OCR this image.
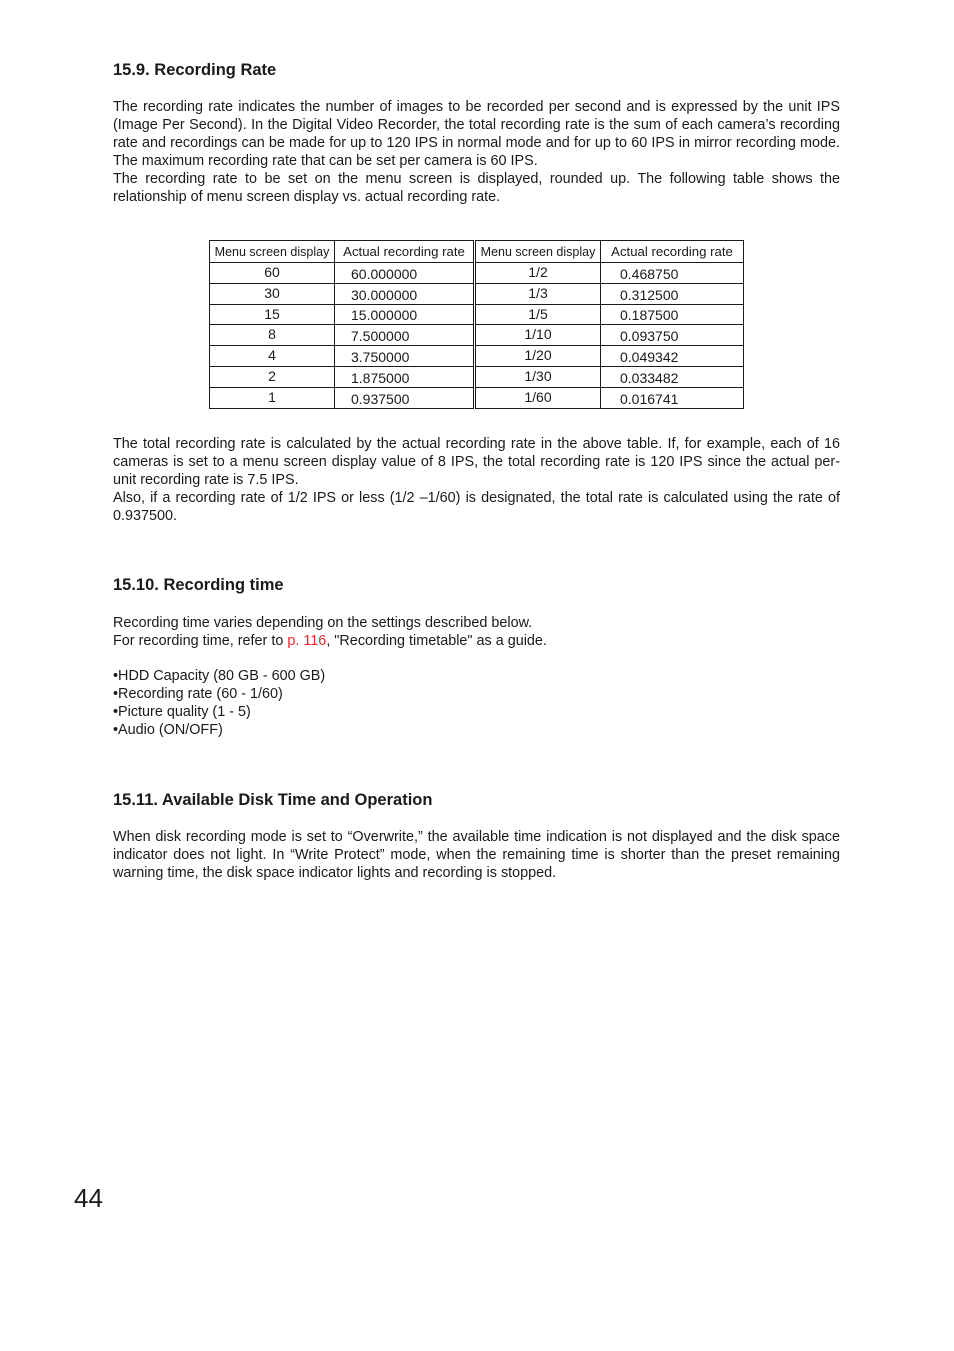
15.9. Recording Rate

The recording rate indicates the number of images to be recorded per second and is expressed by the unit IPS (Image Per Second). In the Digital Video Recorder, the total recording rate is the sum of each camera’s recording rate and recordings can be made for up to 120 IPS in normal mode and for up to 60 IPS in mirror recording mode. The maximum recording rate that can be set per camera is 60 IPS.

The recording rate to be set on the menu screen is displayed, rounded up. The following table shows the relationship of menu screen display vs. actual recording rate.

Menu screen display	Actual recording rate	Menu screen display	Actual recording rate
60	60.000000	1/2	0.468750
30	30.000000	1/3	0.312500
15	15.000000	1/5	0.187500
8	7.500000	1/10	0.093750
4	3.750000	1/20	0.049342
2	1.875000	1/30	0.033482
1	0.937500	1/60	0.016741

The total recording rate is calculated by the actual recording rate in the above table. If, for example, each of 16 cameras is set to a menu screen display value of 8 IPS, the total recording rate is 120 IPS since the actual per-unit recording rate is 7.5 IPS.

Also, if a recording rate of 1/2 IPS or less (1/2 –1/60) is designated, the total rate is calculated using the rate of 0.937500.

15.10. Recording time

Recording time varies depending on the settings described below.

For recording time, refer to p. 116, "Recording timetable" as a guide.

• HDD Capacity (80 GB - 600 GB)
• Recording rate (60 - 1/60)
• Picture quality (1 - 5)
• Audio (ON/OFF)
15.11. Available Disk Time and Operation

When disk recording mode is set to “Overwrite,” the available time indication is not displayed and the disk space indicator does not light. In “Write Protect” mode, when the remaining time is shorter than the preset remaining warning time, the disk space indicator lights and recording is stopped.

44
